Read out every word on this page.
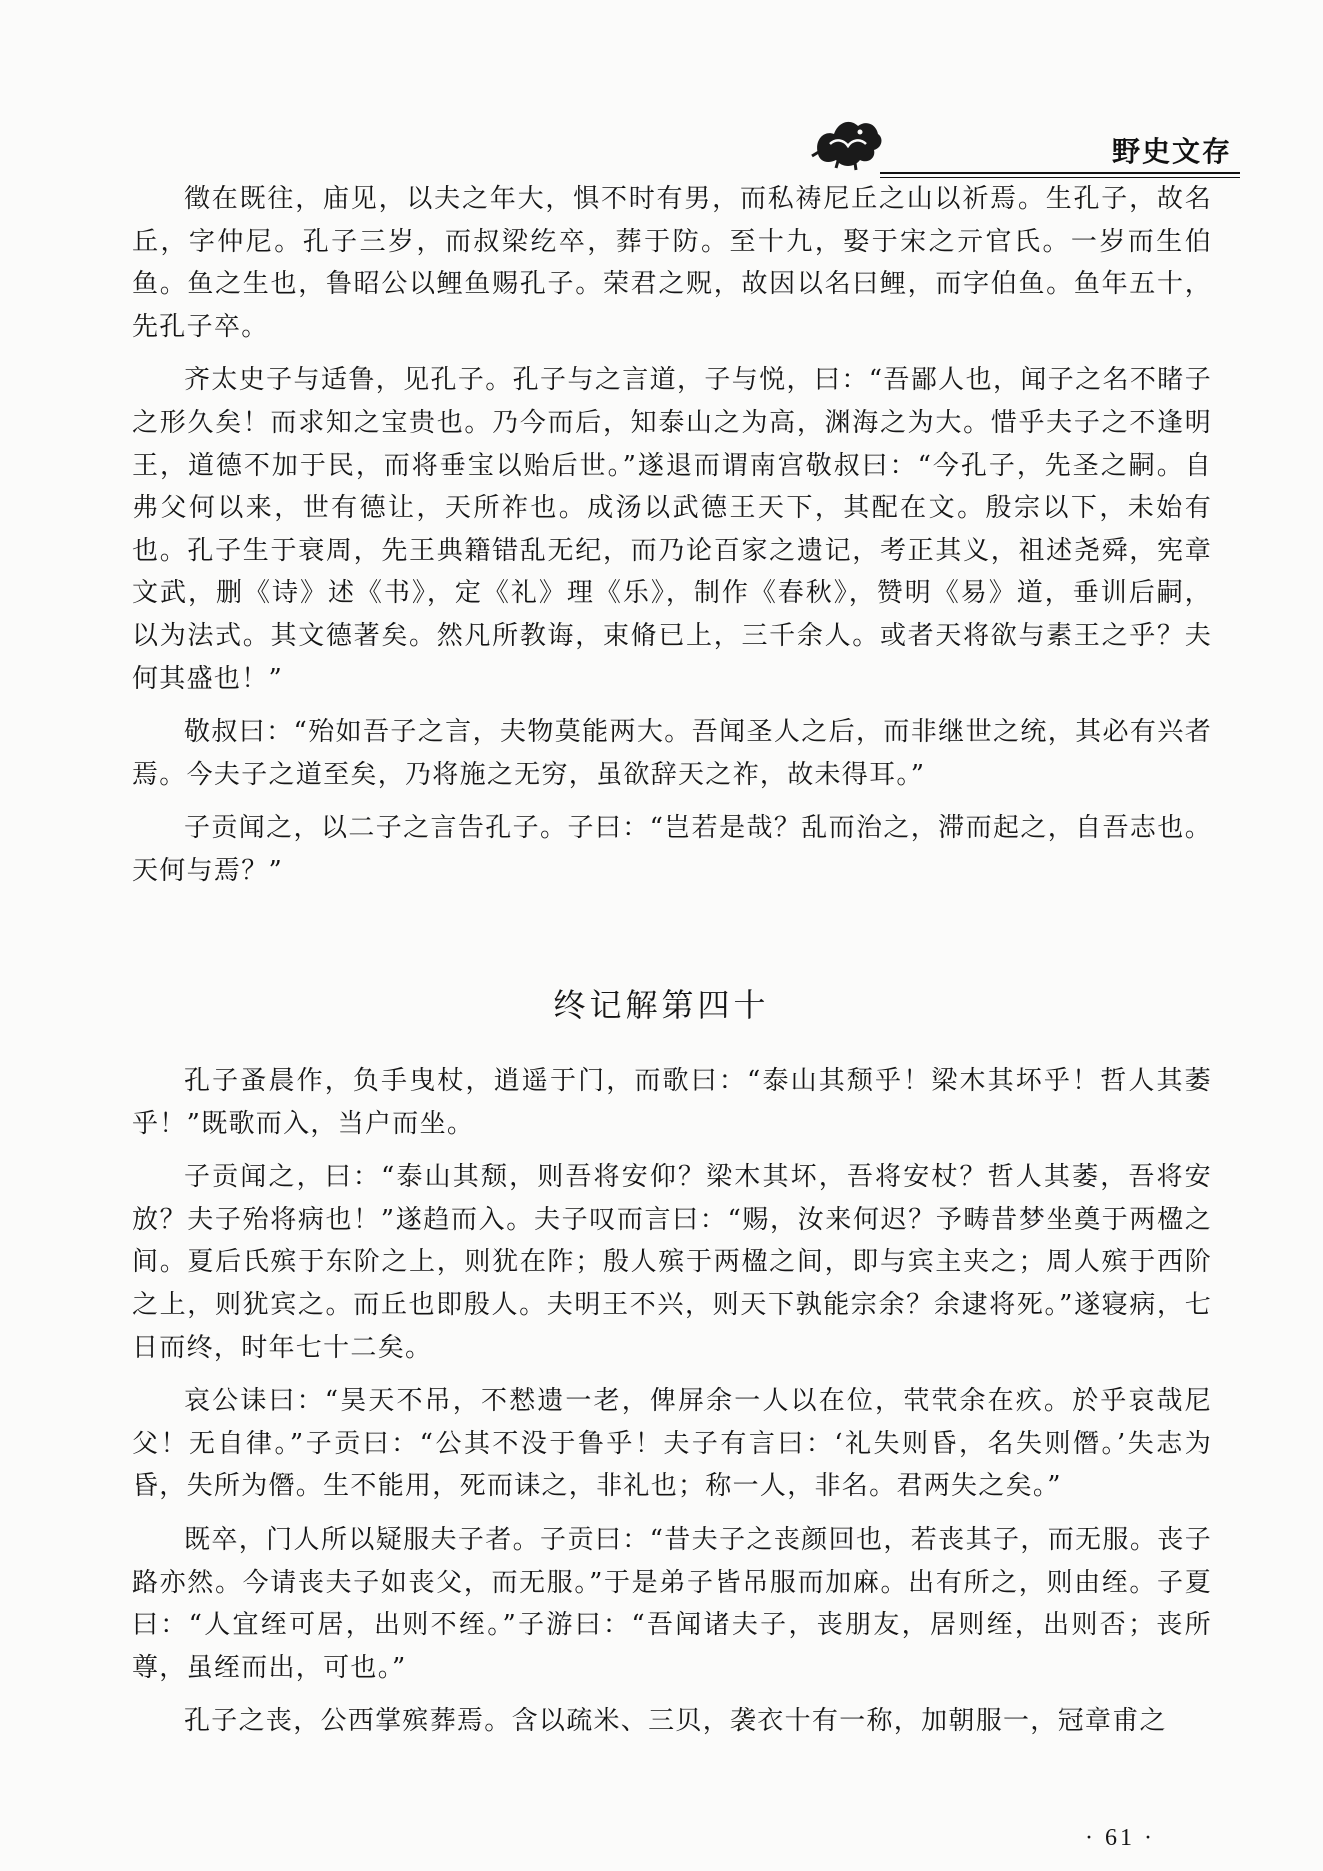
野史文存

徵在既往，庙见，以夫之年大，惧不时有男，而私祷尼丘之山以祈焉。生孔子，故名丘，字仲尼。孔子三岁，而叔梁纥卒，葬于防。至十九，娶于宋之亓官氏。一岁而生伯鱼。鱼之生也，鲁昭公以鲤鱼赐孔子。荣君之贶，故因以名曰鲤，而字伯鱼。鱼年五十，先孔子卒。

齐太史子与适鲁，见孔子。孔子与之言道，子与悦，曰：“吾鄙人也，闻子之名不睹子之形久矣！而求知之宝贵也。乃今而后，知泰山之为高，渊海之为大。惜乎夫子之不逢明王，道德不加于民，而将垂宝以贻后世。”遂退而谓南宫敬叔曰：“今孔子，先圣之嗣。自弗父何以来，世有德让，天所祚也。成汤以武德王天下，其配在文。殷宗以下，未始有也。孔子生于衰周，先王典籍错乱无纪，而乃论百家之遗记，考正其义，祖述尧舜，宪章文武，删《诗》述《书》，定《礼》理《乐》，制作《春秋》，赞明《易》道，垂训后嗣，以为法式。其文德著矣。然凡所教诲，束脩已上，三千余人。或者天将欲与素王之乎？夫何其盛也！”

敬叔曰：“殆如吾子之言，夫物莫能两大。吾闻圣人之后，而非继世之统，其必有兴者焉。今夫子之道至矣，乃将施之无穷，虽欲辞天之祚，故未得耳。”

子贡闻之，以二子之言告孔子。子曰：“岂若是哉？乱而治之，滞而起之，自吾志也。天何与焉？”

终记解第四十

孔子蚤晨作，负手曳杖，逍遥于门，而歌曰：“泰山其颓乎！梁木其坏乎！哲人其萎乎！”既歌而入，当户而坐。

子贡闻之，曰：“泰山其颓，则吾将安仰？梁木其坏，吾将安杖？哲人其萎，吾将安放？夫子殆将病也！”遂趋而入。夫子叹而言曰：“赐，汝来何迟？予畴昔梦坐奠于两楹之间。夏后氏殡于东阶之上，则犹在阼；殷人殡于两楹之间，即与宾主夹之；周人殡于西阶之上，则犹宾之。而丘也即殷人。夫明王不兴，则天下孰能宗余？余逮将死。”遂寝病，七日而终，时年七十二矣。

哀公诔曰：“昊天不吊，不慭遗一老，俾屏余一人以在位，茕茕余在疚。於乎哀哉尼父！无自律。”子贡曰：“公其不没于鲁乎！夫子有言曰：‘礼失则昏，名失则僭。’失志为昏，失所为僭。生不能用，死而诔之，非礼也；称一人，非名。君两失之矣。”

既卒，门人所以疑服夫子者。子贡曰：“昔夫子之丧颜回也，若丧其子，而无服。丧子路亦然。今请丧夫子如丧父，而无服。”于是弟子皆吊服而加麻。出有所之，则由绖。子夏曰：“人宜绖可居，出则不绖。”子游曰：“吾闻诸夫子，丧朋友，居则绖，出则否；丧所尊，虽绖而出，可也。”

孔子之丧，公西掌殡葬焉。含以疏米、三贝，袭衣十有一称，加朝服一，冠章甫之

· 61 ·
